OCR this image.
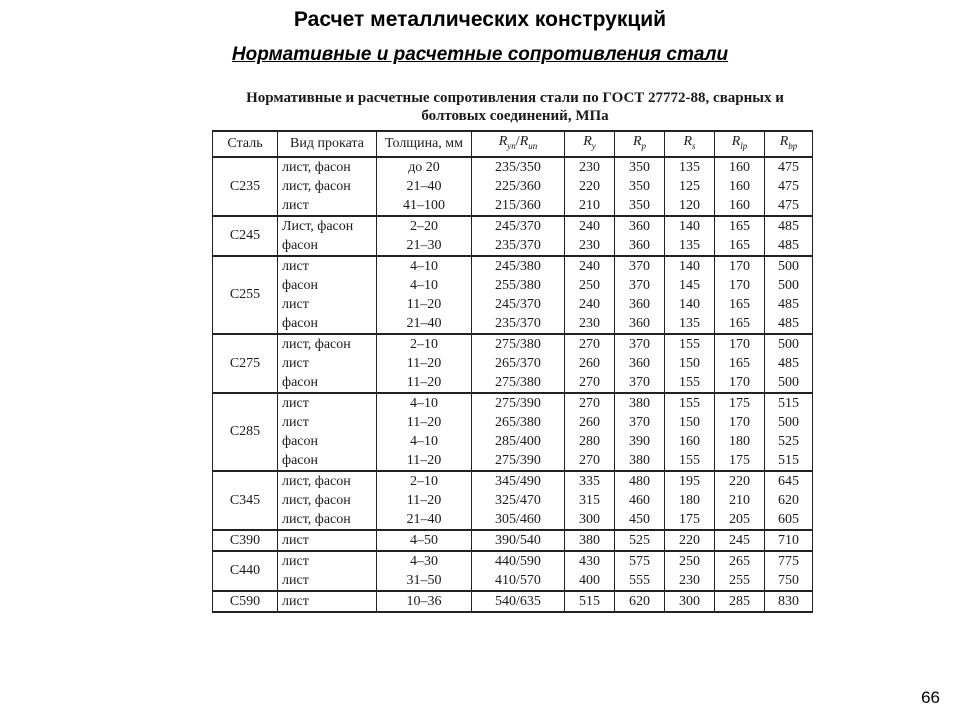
Расчет металлических конструкций
Нормативные и расчетные сопротивления стали
Нормативные и расчетные сопротивления стали по ГОСТ 27772-88, сварных и
болтовых соединений, МПа
Сталь	Вид проката	Толщина, мм	$R_{yn}/R_{un}$	$R_y$	$R_p$	$R_s$	$R_{lp}$	$R_{bp}$
С235	лист, фасон	до 20	235/350	230	350	135	160	475
	лист, фасон	21–40	225/360	220	350	125	160	475
	лист	41–100	215/360	210	350	120	160	475
С245	Лист, фасон	2–20	245/370	240	360	140	165	485
	фасон	21–30	235/370	230	360	135	165	485
С255	лист	4–10	245/380	240	370	140	170	500
	фасон	4–10	255/380	250	370	145	170	500
	лист	11–20	245/370	240	360	140	165	485
	фасон	21–40	235/370	230	360	135	165	485
С275	лист, фасон	2–10	275/380	270	370	155	170	500
	лист	11–20	265/370	260	360	150	165	485
	фасон	11–20	275/380	270	370	155	170	500
С285	лист	4–10	275/390	270	380	155	175	515
	лист	11–20	265/380	260	370	150	170	500
	фасон	4–10	285/400	280	390	160	180	525
	фасон	11–20	275/390	270	380	155	175	515
С345	лист, фасон	2–10	345/490	335	480	195	220	645
	лист, фасон	11–20	325/470	315	460	180	210	620
	лист, фасон	21–40	305/460	300	450	175	205	605
С390	лист	4–50	390/540	380	525	220	245	710
С440	лист	4–30	440/590	430	575	250	265	775
	лист	31–50	410/570	400	555	230	255	750
С590	лист	10–36	540/635	515	620	300	285	830
66
